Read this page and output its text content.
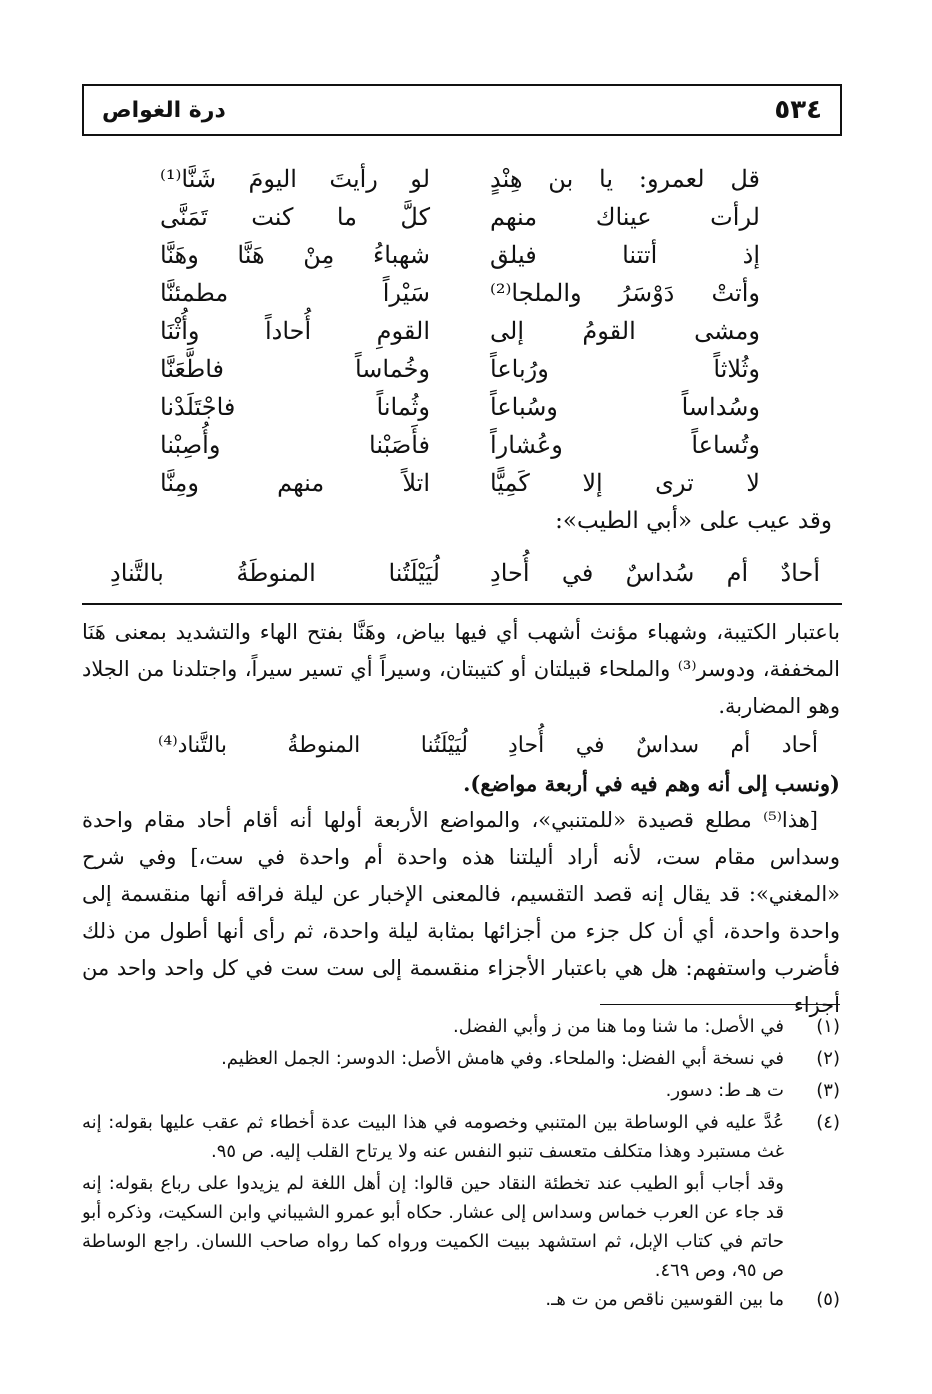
درة الغواص	٥٣٤
قل لعمرو: يا بن هِنْدٍ
لو رأيتَ اليومَ شَنَّا⁽¹⁾
لرأت عيناك منهم
كلَّ ما كنت تَمَنَّى
إذ أتتنا فيلق
شهباءُ مِنْ هَنَّا وهَنَّا
وأتتْ دَوْسَرُ والملجا⁽²⁾
سَيْراً مطمئنَّا
ومشى القومُ إلى
القومِ أُحاداً وأُثْنَا
وثُلاثاً ورُباعاً
وخُماساً فاطَّعَنَّا
وسُداساً وسُباعاً
وثُماناً فاجْتَلَدْنا
وتُساعاً وعُشاراً
فأَصَبْنا وأُصِبْنا
لا ترى إلا كَمِيًّا
اتلاً منهم ومِنَّا
وقد عيب على «أبي الطيب»:
أحادٌ أم سُداسٌ في أُحادِ
لُيَيْلَتُنا المنوطَةُ بالتَّنادِ

باعتبار الكتيبة، وشهباء مؤنث أشهب أي فيها بياض، وهَنَّا بفتح الهاء والتشديد بمعنى هَنَا المخففة، ودوسر⁽³⁾ والملحاء قبيلتان أو كتيبتان، وسيراً أي تسير سيراً، واجتلدنا من الجلاد وهو المضاربة.

أحاد أم سداسٌ في أُحادِ
لُيَيْلَتُنا المنوطةُ بالتَّناد⁽⁴⁾

(ونسب إلى أنه وهم فيه في أربعة مواضع).

[هذا⁽⁵⁾ مطلع قصيدة «للمتنبي»، والمواضع الأربعة أولها أنه أقام أحاد مقام واحدة وسداس مقام ست، لأنه أراد أليلتنا هذه واحدة أم واحدة في ست،] وفي شرح «المغني»: قد يقال إنه قصد التقسيم، فالمعنى الإخبار عن ليلة فراقه أنها منقسمة إلى واحدة واحدة، أي أن كل جزء من أجزائها بمثابة ليلة واحدة، ثم رأى أنها أطول من ذلك فأضرب واستفهم: هل هي باعتبار الأجزاء منقسمة إلى ست ست في كل واحد واحد من أجزاء

(١)
في الأصل: ما شنا وما هنا من ز وأبي الفضل.
(٢)
في نسخة أبي الفضل: والملحاء. وفي هامش الأصل: الدوسر: الجمل العظيم.
(٣)
ت هـ ط: دسور.
(٤)
عُدَّ عليه في الوساطة بين المتنبي وخصومه في هذا البيت عدة أخطاء ثم عقب عليها بقوله: إنه غث مستبرد وهذا متكلف متعسف تنبو النفس عنه ولا يرتاح القلب إليه. ص ٩٥.
وقد أجاب أبو الطيب عند تخطئة النقاد حين قالوا: إن أهل اللغة لم يزيدوا على رباع بقوله: إنه قد جاء عن العرب خماس وسداس إلى عشار. حكاه أبو عمرو الشيباني وابن السكيت، وذكره أبو حاتم في كتاب الإبل، ثم استشهد ببيت الكميت ورواه كما رواه صاحب اللسان. راجع الوساطة ص ٩٥، وص ٤٦٩.
(٥)
ما بين القوسين ناقص من ت هـ.
